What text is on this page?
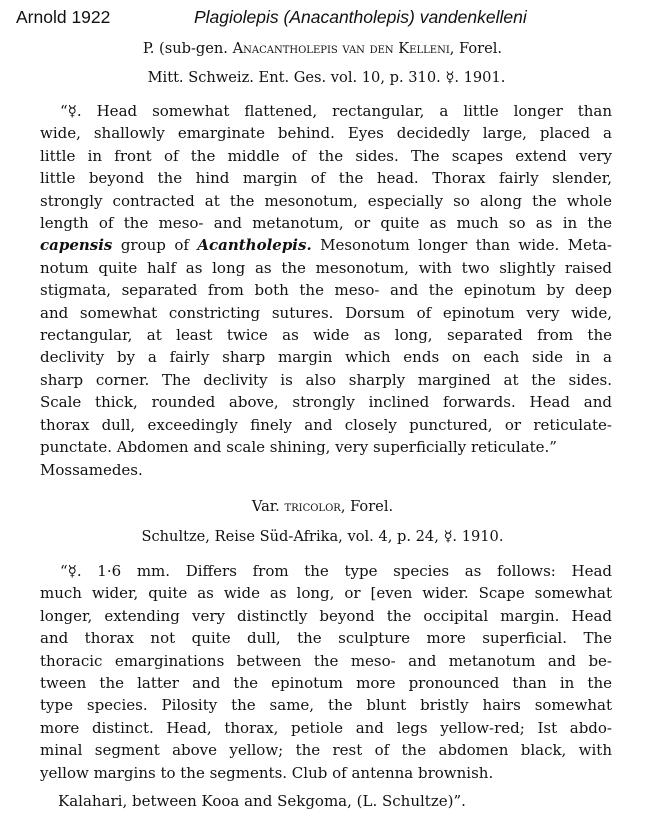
Arnold 1922	Plagiolepis (Anacantholepis) vandenkelleni
P. (sub-gen. Anacantholepis van den Kelleni, Forel.
Mitt. Schweiz. Ent. Ges. vol. 10, p. 310. ☿. 1901.
“☿. Head somewhat flattened, rectangular, a little longer than
wide, shallowly emarginate behind. Eyes decidedly large, placed a
little in front of the middle of the sides. The scapes extend very
little beyond the hind margin of the head. Thorax fairly slender,
strongly contracted at the mesonotum, especially so along the whole
length of the meso- and metanotum, or quite as much so as in the
capensis group of Acantholepis. Mesonotum longer than wide. Meta-
notum quite half as long as the mesonotum, with two slightly raised
stigmata, separated from both the meso- and the epinotum by deep
and somewhat constricting sutures. Dorsum of epinotum very wide,
rectangular, at least twice as wide as long, separated from the
declivity by a fairly sharp margin which ends on each side in a
sharp corner. The declivity is also sharply margined at the sides.
Scale thick, rounded above, strongly inclined forwards. Head and
thorax dull, exceedingly finely and closely punctured, or reticulate-
punctate. Abdomen and scale shining, very superficially reticulate.”
Mossamedes.
Var. tricolor, Forel.
Schultze, Reise Süd-Afrika, vol. 4, p. 24, ☿. 1910.
“☿. 1·6 mm. Differs from the type species as follows: Head
much wider, quite as wide as long, or [even wider. Scape somewhat
longer, extending very distinctly beyond the occipital margin. Head
and thorax not quite dull, the sculpture more superficial. The
thoracic emarginations between the meso- and metanotum and be-
tween the latter and the epinotum more pronounced than in the
type species. Pilosity the same, the blunt bristly hairs somewhat
more distinct. Head, thorax, petiole and legs yellow-red; Ist abdo-
minal segment above yellow; the rest of the abdomen black, with
yellow margins to the segments. Club of antenna brownish.
Kalahari, between Kooa and Sekgoma, (L. Schultze)”.
